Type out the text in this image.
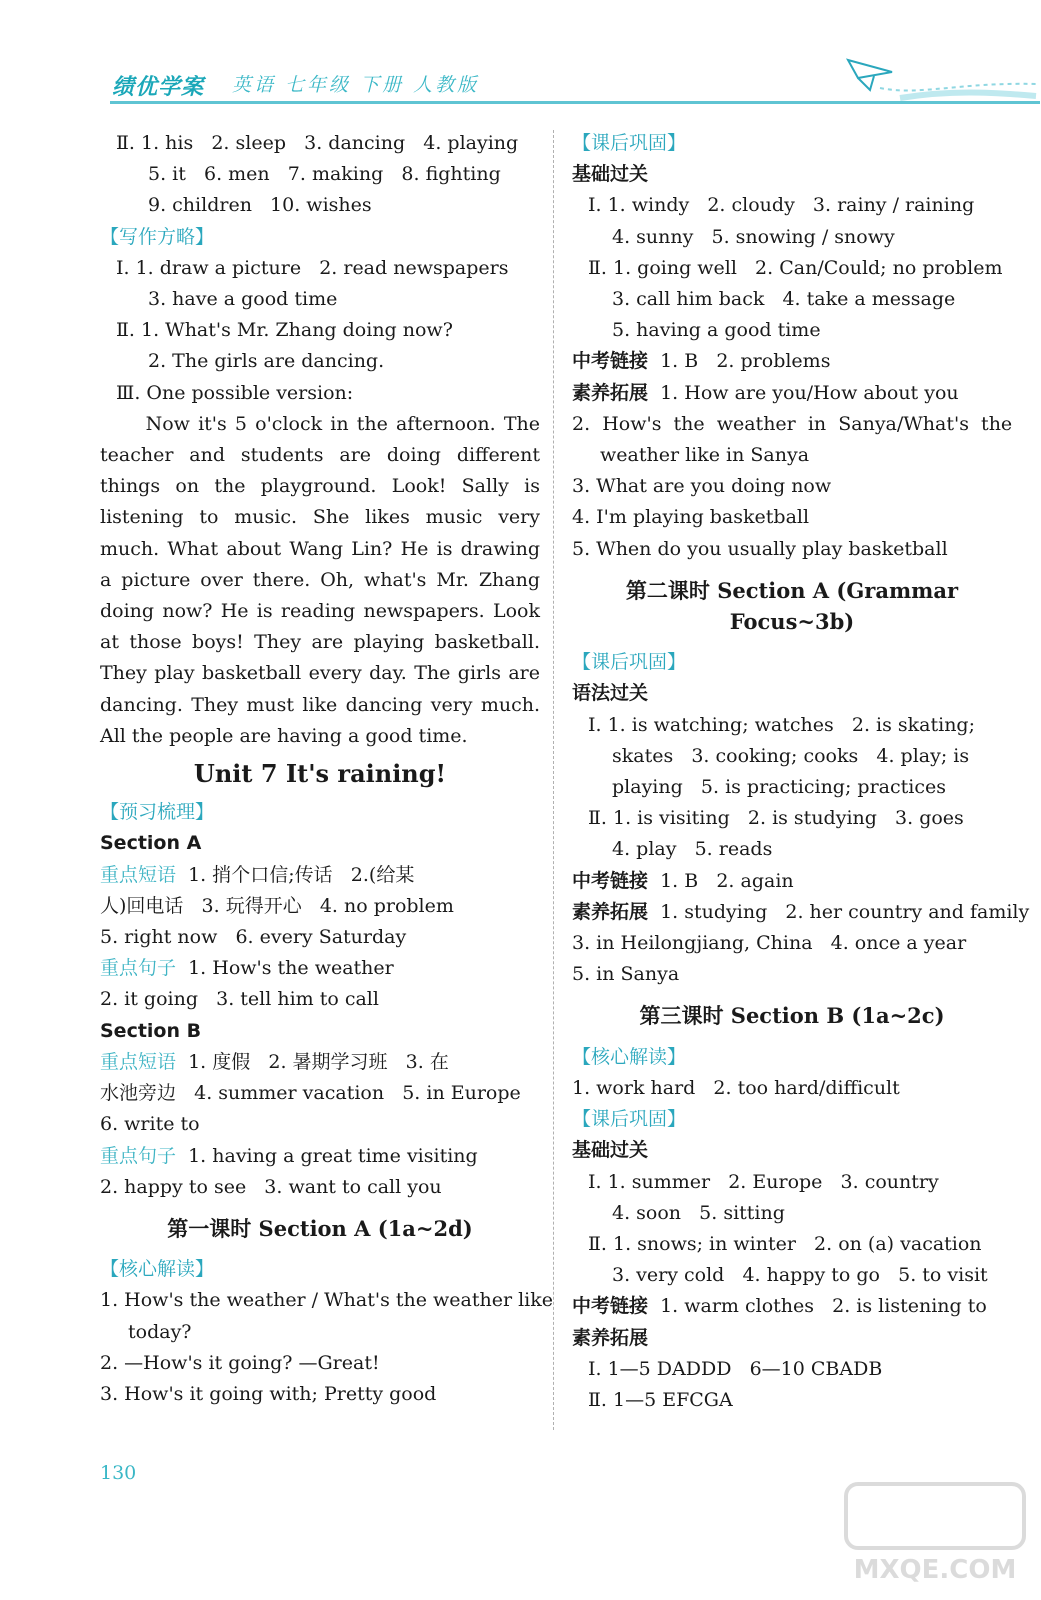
绩优学案 英语 七年级 下册 人教版
Ⅱ. 1. his   2. sleep   3. dancing   4. playing
5. it   6. men   7. making   8. fighting
9. children   10. wishes
【写作方略】
Ⅰ. 1. draw a picture   2. read newspapers
3. have a good time
Ⅱ. 1. What's Mr. Zhang doing now?
2. The girls are dancing.
Ⅲ. One possible version:
Now it's 5 o'clock in the afternoon. The teacher and students are doing different things on the playground. Look! Sally is listening to music. She likes music very much. What about Wang Lin? He is drawing a picture over there. Oh, what's Mr. Zhang doing now? He is reading newspapers. Look at those boys! They are playing basketball. They play basketball every day. The girls are dancing. They must like dancing very much. All the people are having a good time.
Unit 7 It's raining!
【预习梳理】
Section A
重点短语  1. 捎个口信;传话   2.(给某
人)回电话   3. 玩得开心   4. no problem
5. right now   6. every Saturday
重点句子  1. How's the weather
2. it going   3. tell him to call
Section B
重点短语  1. 度假   2. 暑期学习班   3. 在
水池旁边   4. summer vacation   5. in Europe
6. write to
重点句子  1. having a great time visiting
2. happy to see   3. want to call you
第一课时 Section A (1a~2d)
【核心解读】
1. How's the weather / What's the weather like
today?
2. —How's it going? —Great!
3. How's it going with; Pretty good
【课后巩固】
基础过关
Ⅰ. 1. windy   2. cloudy   3. rainy / raining
4. sunny   5. snowing / snowy
Ⅱ. 1. going well   2. Can/Could; no problem
3. call him back   4. take a message
5. having a good time
中考链接  1. B   2. problems
素养拓展  1. How are you/How about you
2.  How's  the  weather  in  Sanya/What's  the
weather like in Sanya
3. What are you doing now
4. I'm playing basketball
5. When do you usually play basketball
第二课时 Section A (Grammar Focus~3b)
【课后巩固】
语法过关
Ⅰ. 1. is watching; watches   2. is skating;
skates   3. cooking; cooks   4. play; is
playing   5. is practicing; practices
Ⅱ. 1. is visiting   2. is studying   3. goes
4. play   5. reads
中考链接  1. B   2. again
素养拓展  1. studying   2. her country and family
3. in Heilongjiang, China   4. once a year
5. in Sanya
第三课时 Section B (1a~2c)
【核心解读】
1. work hard   2. too hard/difficult
【课后巩固】
基础过关
Ⅰ. 1. summer   2. Europe   3. country
4. soon   5. sitting
Ⅱ. 1. snows; in winter   2. on (a) vacation
3. very cold   4. happy to go   5. to visit
中考链接  1. warm clothes   2. is listening to
素养拓展
Ⅰ. 1—5 DADDD   6—10 CBADB
Ⅱ. 1—5 EFCGA
130
MXQE.COM
